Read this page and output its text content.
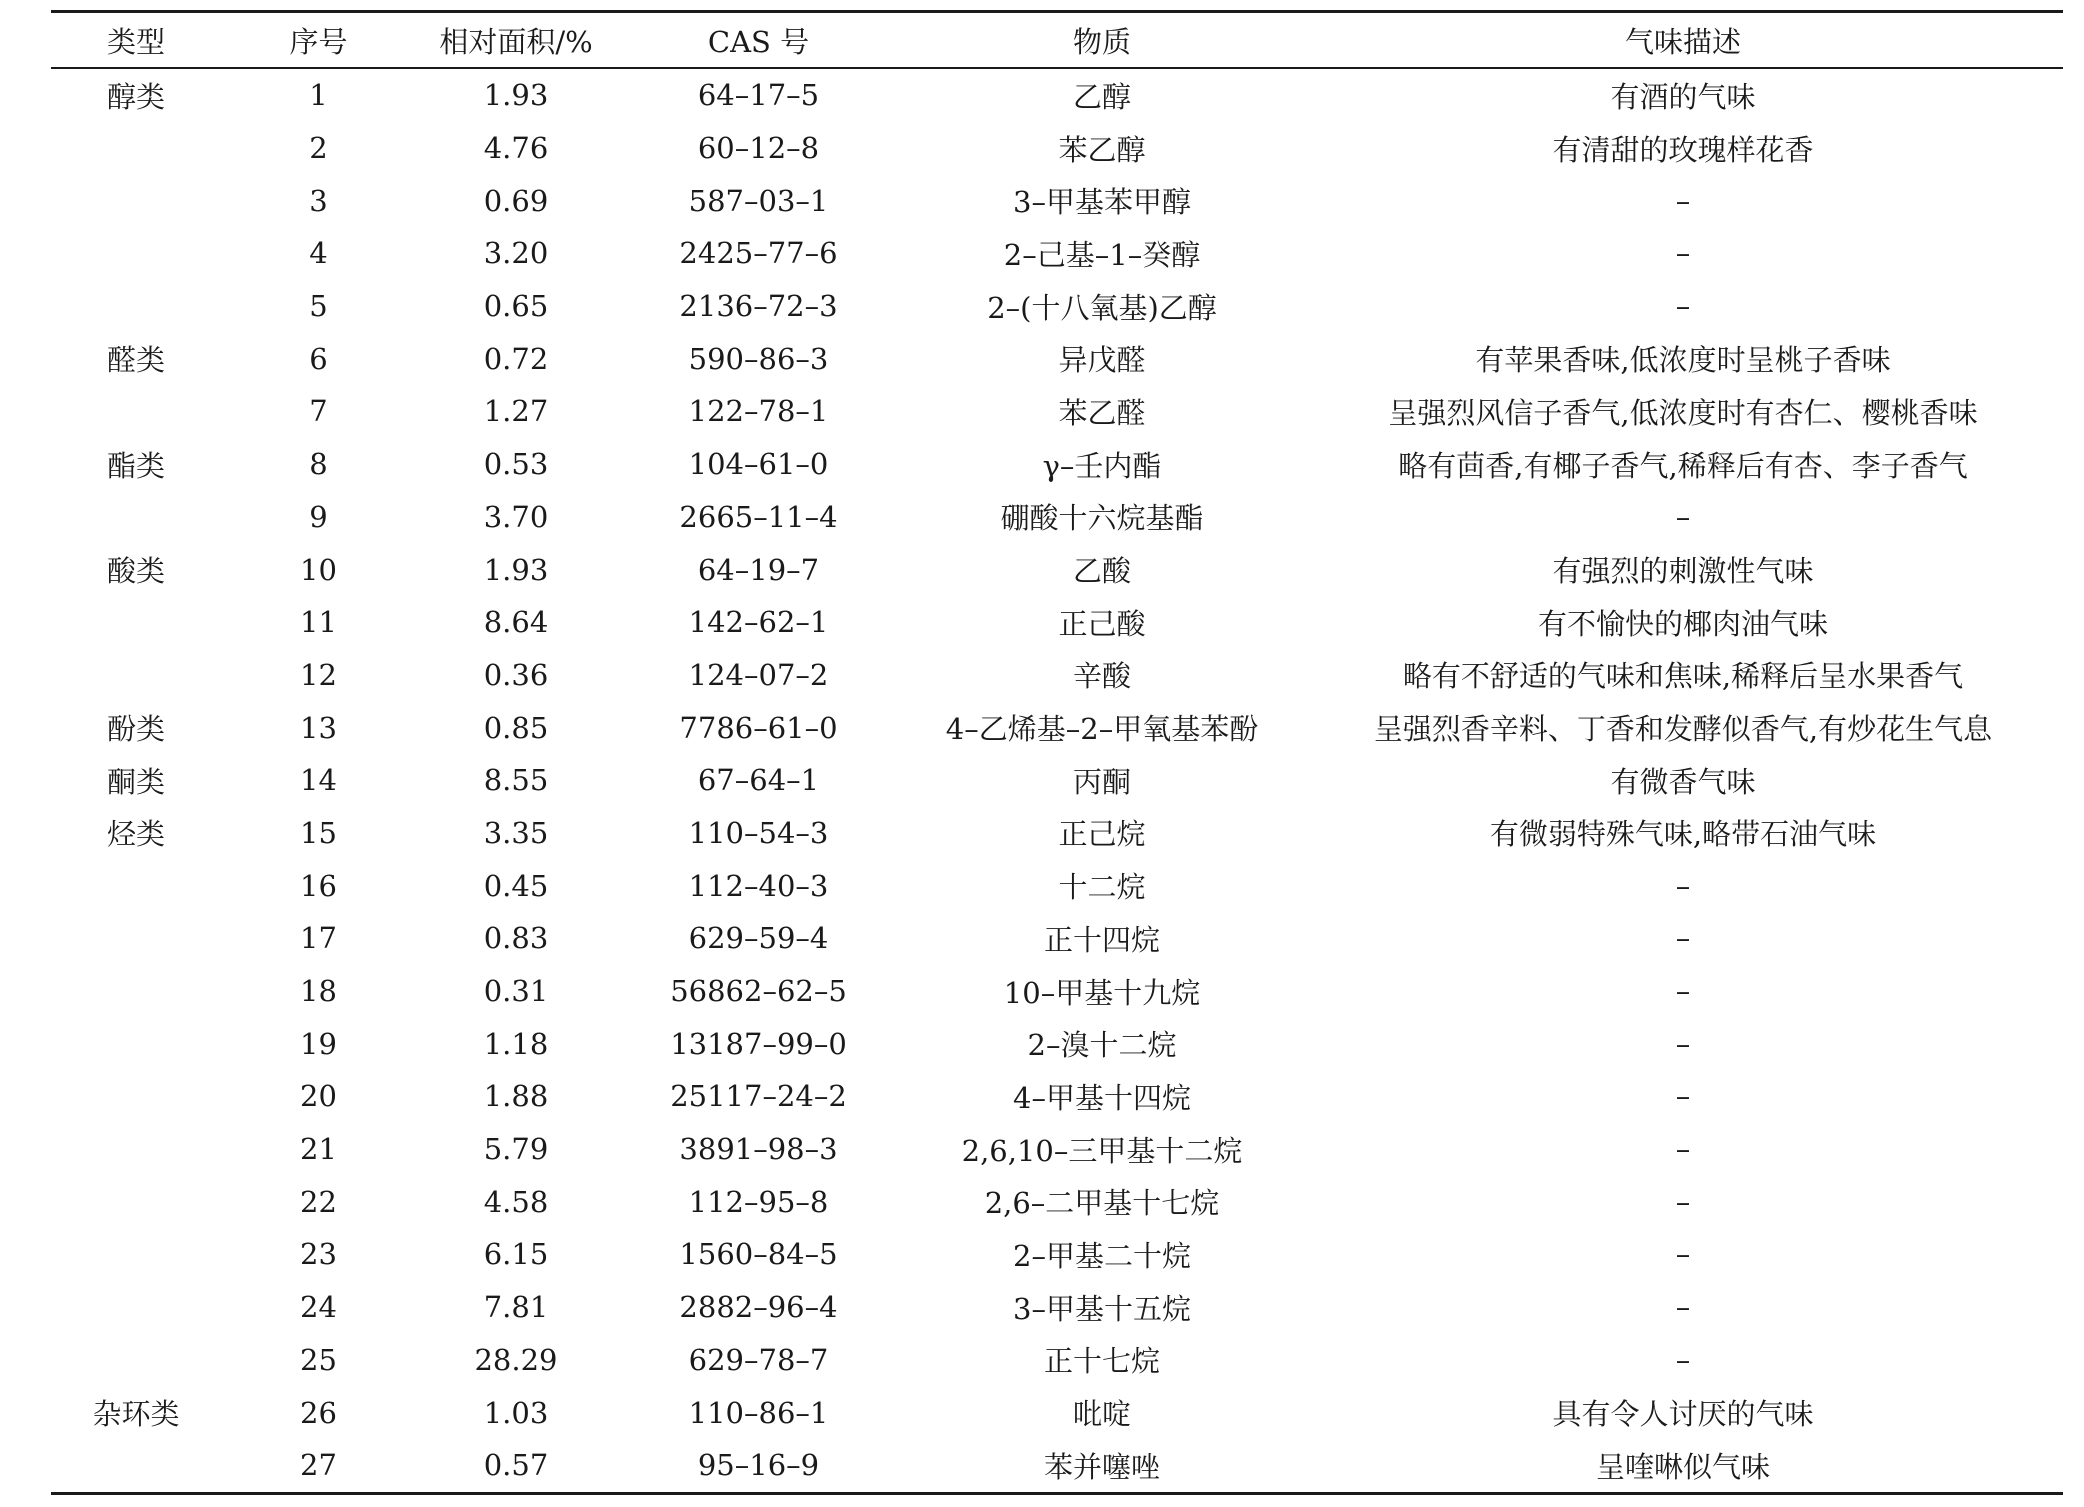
类型	序号	相对面积/%	CAS 号	物质	气味描述
醇类	1	1.93	64–17–5	乙醇	有酒的气味
	2	4.76	60–12–8	苯乙醇	有清甜的玫瑰样花香
	3	0.69	587–03–1	3–甲基苯甲醇	–
	4	3.20	2425–77–6	2–己基–1–癸醇	–
	5	0.65	2136–72–3	2–(十八氧基)乙醇	–
醛类	6	0.72	590–86–3	异戊醛	有苹果香味,低浓度时呈桃子香味
	7	1.27	122–78–1	苯乙醛	呈强烈风信子香气,低浓度时有杏仁、樱桃香味
酯类	8	0.53	104–61–0	γ–壬内酯	略有茴香,有椰子香气,稀释后有杏、李子香气
	9	3.70	2665–11–4	硼酸十六烷基酯	–
酸类	10	1.93	64–19–7	乙酸	有强烈的刺激性气味
	11	8.64	142–62–1	正己酸	有不愉快的椰肉油气味
	12	0.36	124–07–2	辛酸	略有不舒适的气味和焦味,稀释后呈水果香气
酚类	13	0.85	7786–61–0	4–乙烯基–2–甲氧基苯酚	呈强烈香辛料、丁香和发酵似香气,有炒花生气息
酮类	14	8.55	67–64–1	丙酮	有微香气味
烃类	15	3.35	110–54–3	正己烷	有微弱特殊气味,略带石油气味
	16	0.45	112–40–3	十二烷	–
	17	0.83	629–59–4	正十四烷	–
	18	0.31	56862–62–5	10–甲基十九烷	–
	19	1.18	13187–99–0	2–溴十二烷	–
	20	1.88	25117–24–2	4–甲基十四烷	–
	21	5.79	3891–98–3	2,6,10–三甲基十二烷	–
	22	4.58	112–95–8	2,6–二甲基十七烷	–
	23	6.15	1560–84–5	2–甲基二十烷	–
	24	7.81	2882–96–4	3–甲基十五烷	–
	25	28.29	629–78–7	正十七烷	–
杂环类	26	1.03	110–86–1	吡啶	具有令人讨厌的气味
	27	0.57	95–16–9	苯并噻唑	呈喹啉似气味
